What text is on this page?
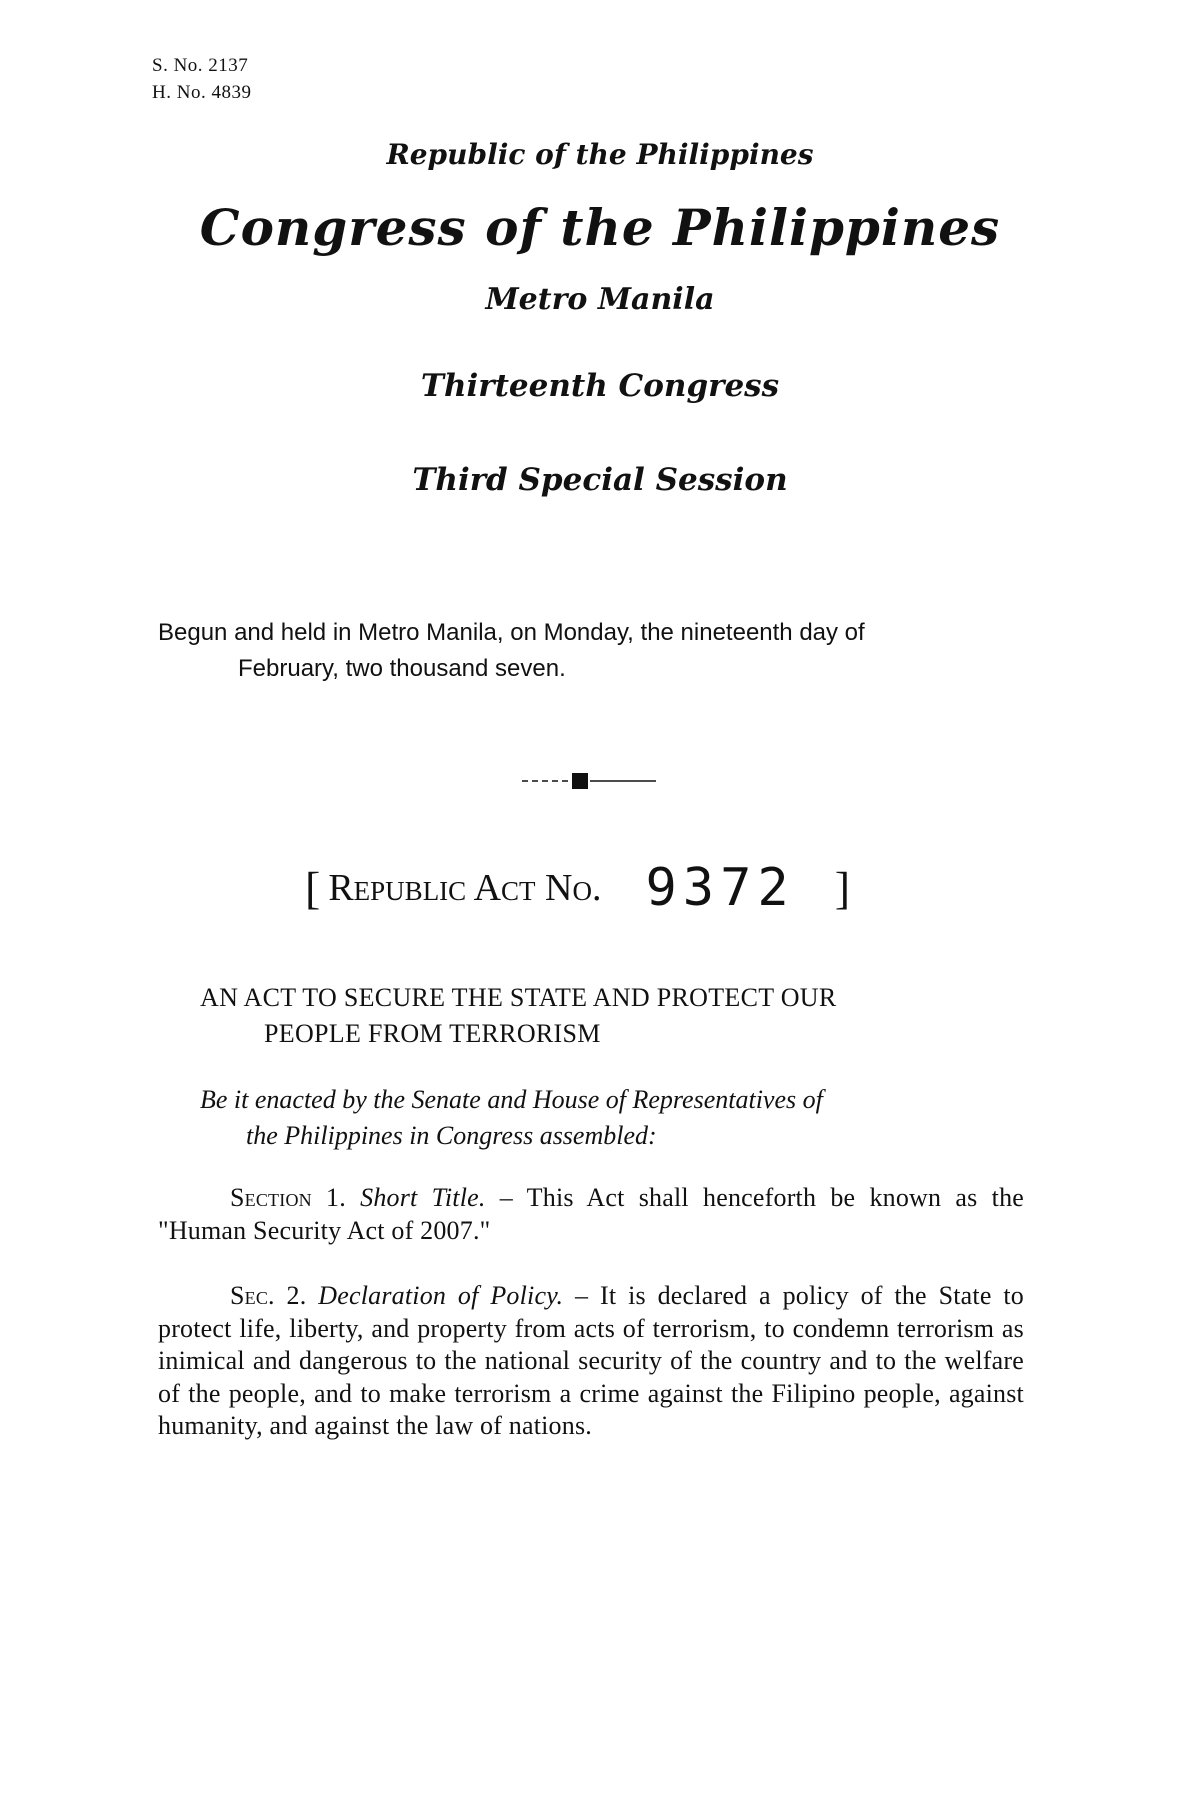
S. No. 2137
H. No. 4839
Republic of the Philippines
Congress of the Philippines
Metro Manila
Thirteenth Congress
Third Special Session
Begun and held in Metro Manila, on Monday, the nineteenth day of
February, two thousand seven.
[ Republic Act No. 9372 ]
AN ACT TO SECURE THE STATE AND PROTECT OUR
PEOPLE FROM TERRORISM
Be it enacted by the Senate and House of Representatives of
the Philippines in Congress assembled:
Section 1. Short Title. – This Act shall henceforth be known as the "Human Security Act of 2007."
Sec. 2. Declaration of Policy. – It is declared a policy of the State to protect life, liberty, and property from acts of terrorism, to condemn terrorism as inimical and dangerous to the national security of the country and to the welfare of the people, and to make terrorism a crime against the Filipino people, against humanity, and against the law of nations.
